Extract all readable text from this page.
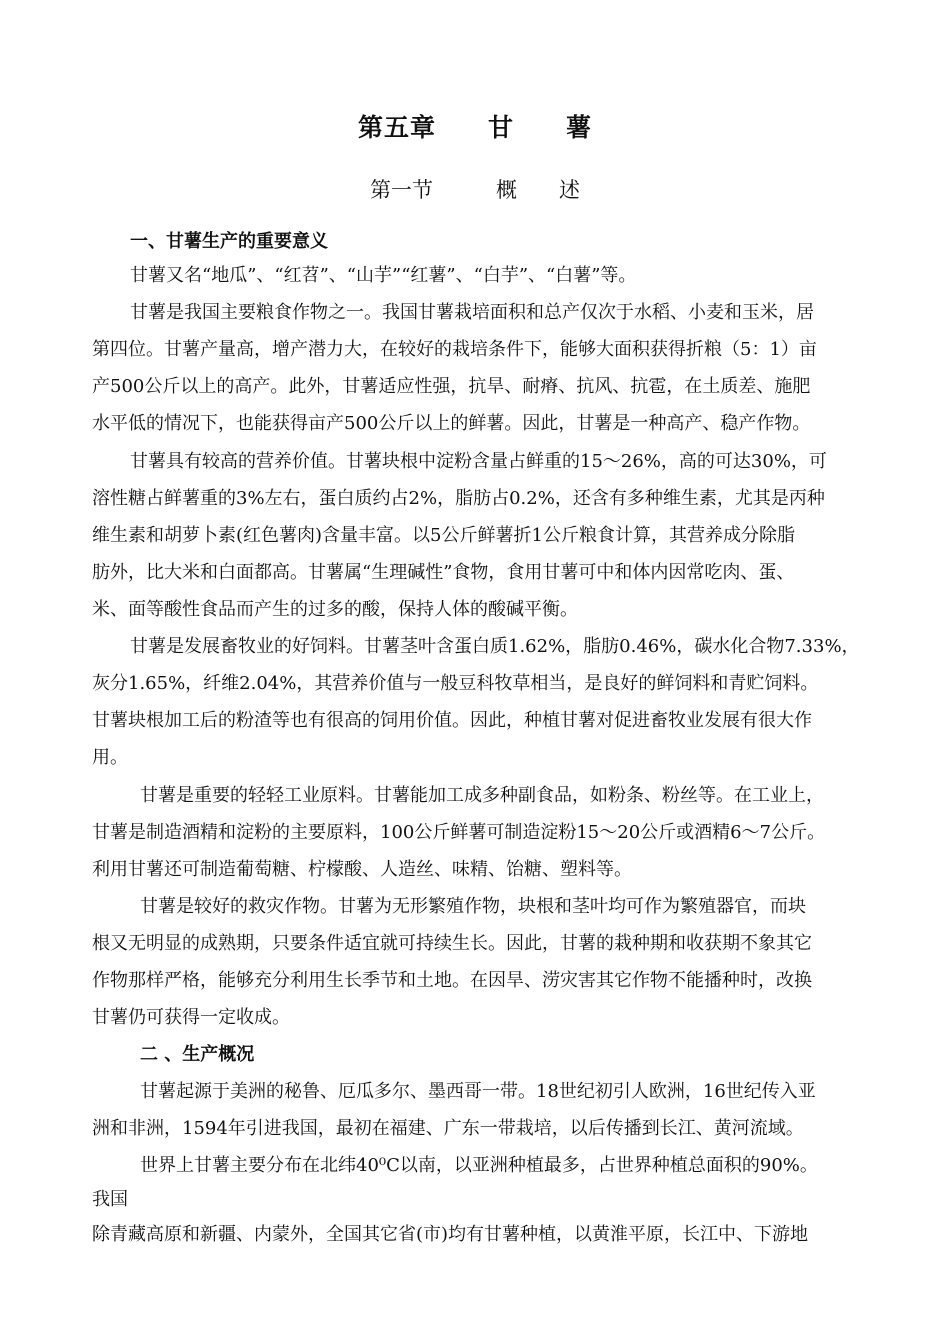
第五章　　甘　　薯
第一节　　　概　　述
一、甘薯生产的重要意义
甘薯又名“地瓜”、“红苕”、“山芋”“红薯”、“白芋”、“白薯”等。
甘薯是我国主要粮食作物之一。我国甘薯栽培面积和总产仅次于水稻、小麦和玉米，居
第四位。甘薯产量高，增产潜力大，在较好的栽培条件下，能够大面积获得折粮（5：1）亩
产500公斤以上的高产。此外，甘薯适应性强，抗旱、耐瘠、抗风、抗雹，在土质差、施肥
水平低的情况下，也能获得亩产500公斤以上的鲜薯。因此，甘薯是一种高产、稳产作物。
甘薯具有较高的营养价值。甘薯块根中淀粉含量占鲜重的15～26%，高的可达30%，可
溶性糖占鲜薯重的3%左右，蛋白质约占2%，脂肪占0.2%，还含有多种维生素，尤其是丙种
维生素和胡萝卜素(红色薯肉)含量丰富。以5公斤鲜薯折1公斤粮食计算，其营养成分除脂
肪外，比大米和白面都高。甘薯属“生理碱性”食物，食用甘薯可中和体内因常吃肉、蛋、
米、面等酸性食品而产生的过多的酸，保持人体的酸碱平衡。
甘薯是发展畜牧业的好饲料。甘薯茎叶含蛋白质1.62%，脂肪0.46%，碳水化合物7.33%，
灰分1.65%，纤维2.04%，其营养价值与一般豆科牧草相当，是良好的鲜饲料和青贮饲料。
甘薯块根加工后的粉渣等也有很高的饲用价值。因此，种植甘薯对促进畜牧业发展有很大作
用。
甘薯是重要的轻轻工业原料。甘薯能加工成多种副食品，如粉条、粉丝等。在工业上，
甘薯是制造酒精和淀粉的主要原料，100公斤鲜薯可制造淀粉15～20公斤或酒精6～7公斤。
利用甘薯还可制造葡萄糖、柠檬酸、人造丝、味精、饴糖、塑料等。
甘薯是较好的救灾作物。甘薯为无形繁殖作物，块根和茎叶均可作为繁殖器官，而块
根又无明显的成熟期，只要条件适宜就可持续生长。因此，甘薯的栽种期和收获期不象其它
作物那样严格，能够充分利用生长季节和土地。在因旱、涝灾害其它作物不能播种时，改换
甘薯仍可获得一定收成。
二 、生产概况
甘薯起源于美洲的秘鲁、厄瓜多尔、墨西哥一带。18世纪初引人欧洲，16世纪传入亚
洲和非洲，1594年引进我国，最初在福建、广东一带栽培，以后传播到长江、黄河流域。
世界上甘薯主要分布在北纬40⁰C以南，以亚洲种植最多，占世界种植总面积的90%。
我国
除青藏高原和新疆、内蒙外，全国其它省(市)均有甘薯种植，以黄淮平原，长江中、下游地
